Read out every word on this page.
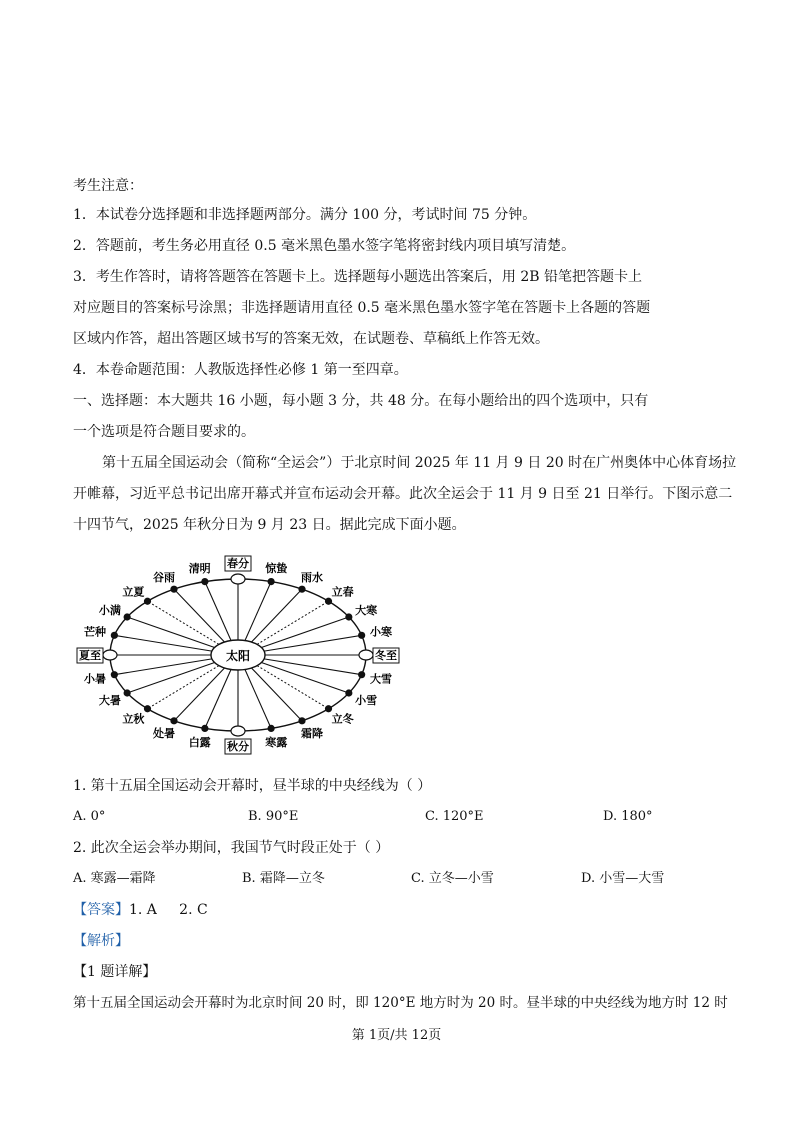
考生注意：
1．本试卷分选择题和非选择题两部分。满分 100 分，考试时间 75 分钟。
2．答题前，考生务必用直径 0.5 毫米黑色墨水签字笔将密封线内项目填写清楚。
3．考生作答时，请将答题答在答题卡上。选择题每小题选出答案后，用 2B 铅笔把答题卡上
对应题目的答案标号涂黑；非选择题请用直径 0.5 毫米黑色墨水签字笔在答题卡上各题的答题
区域内作答，超出答题区域书写的答案无效，在试题卷、草稿纸上作答无效。
4．本卷命题范围：人教版选择性必修 1 第一至四章。
一、选择题：本大题共 16 小题，每小题 3 分，共 48 分。在每小题给出的四个选项中，只有
一个选项是符合题目要求的。
第十五届全国运动会（简称“全运会”）于北京时间 2025 年 11 月 9 日 20 时在广州奥体中心体育场拉
开帷幕，习近平总书记出席开幕式并宣布运动会开幕。此次全运会于 11 月 9 日至 21 日举行。下图示意二
十四节气，2025 年秋分日为 9 月 23 日。据此完成下面小题。
太阳
春分 惊蛰
雨水
立春
大寒
小寒
冬至
大雪
小雪
立冬
霜降
寒露
秋分
白露
处暑
立秋
大暑
小暑
夏至
芒种
小满
立夏
谷雨
清明
1. 第十五届全国运动会开幕时，昼半球的中央经线为（ ）
A. 0°	B. 90°E	C. 120°E	D. 180°
2. 此次全运会举办期间，我国节气时段正处于（ ）
A. 寒露—霜降	B. 霜降—立冬	C. 立冬—小雪	D. 小雪—大雪
【答案】1. A     2. C
【解析】
【1 题详解】
第十五届全国运动会开幕时为北京时间 20 时，即 120°E 地方时为 20 时。昼半球的中央经线为地方时 12 时
第 1页/共 12页
